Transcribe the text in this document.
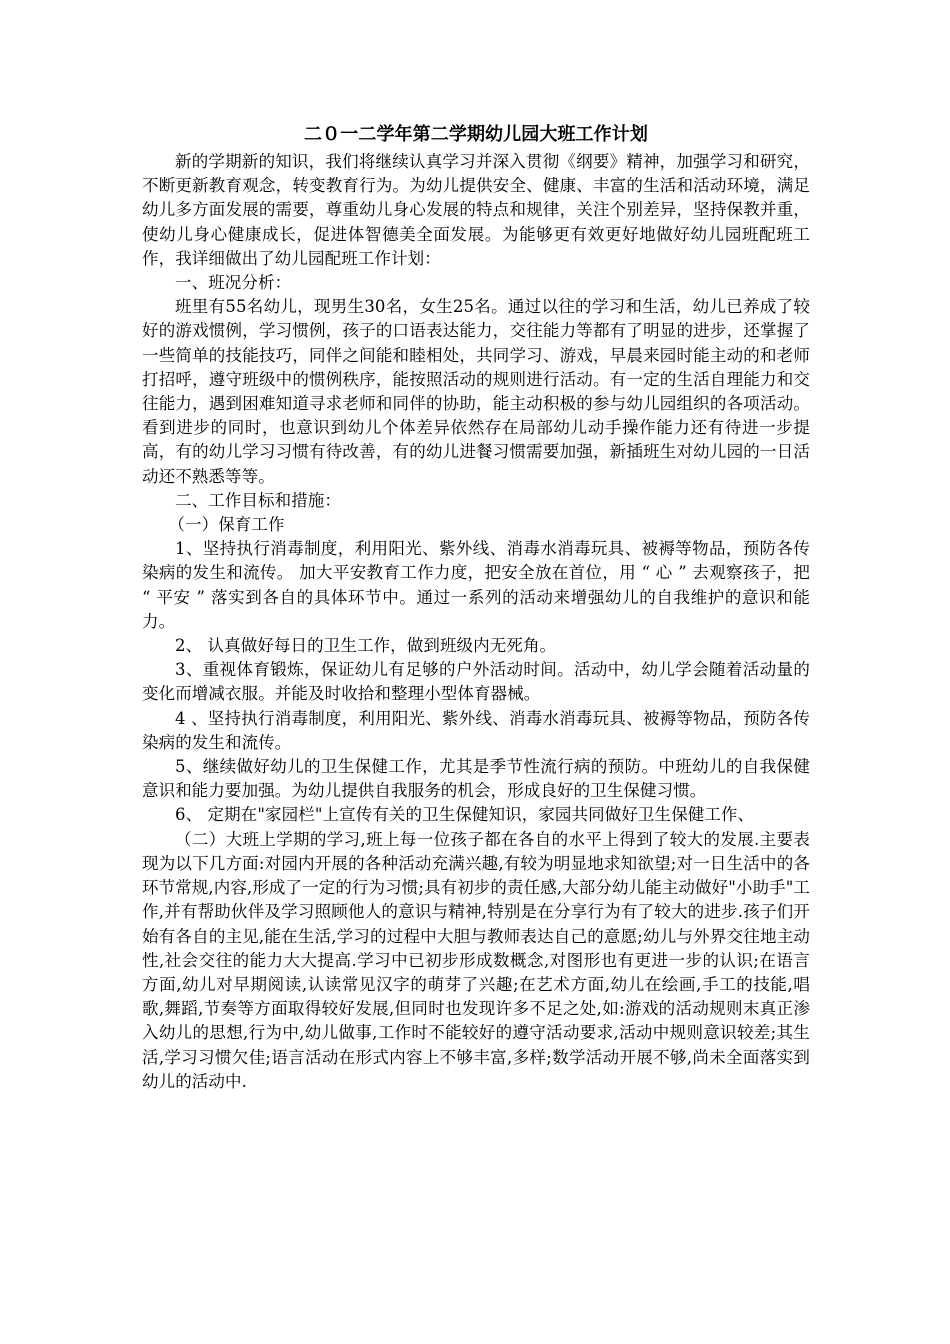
二０一二学年第二学期幼儿园大班工作计划

新的学期新的知识，我们将继续认真学习并深入贯彻《纲要》精神，加强学习和研究，不断更新教育观念，转变教育行为。为幼儿提供安全、健康、丰富的生活和活动环境，满足幼儿多方面发展的需要，尊重幼儿身心发展的特点和规律，关注个别差异，坚持保教并重，使幼儿身心健康成长，促进体智德美全面发展。为能够更有效更好地做好幼儿园班配班工作，我详细做出了幼儿园配班工作计划：

一、班况分析：

班里有55名幼儿，现男生30名，女生25名。通过以往的学习和生活，幼儿已养成了较好的游戏惯例，学习惯例，孩子的口语表达能力，交往能力等都有了明显的进步，还掌握了一些简单的技能技巧，同伴之间能和睦相处，共同学习、游戏，早晨来园时能主动的和老师打招呼，遵守班级中的惯例秩序，能按照活动的规则进行活动。有一定的生活自理能力和交往能力，遇到困难知道寻求老师和同伴的协助，能主动积极的参与幼儿园组织的各项活动。看到进步的同时，也意识到幼儿个体差异依然存在局部幼儿动手操作能力还有待进一步提高，有的幼儿学习习惯有待改善，有的幼儿进餐习惯需要加强，新插班生对幼儿园的一日活动还不熟悉等等。

二、工作目标和措施：

（一）保育工作

1、坚持执行消毒制度，利用阳光、紫外线、消毒水消毒玩具、被褥等物品，预防各传染病的发生和流传。 加大平安教育工作力度，把安全放在首位，用 “ 心 ” 去观察孩子，把 “ 平安 ” 落实到各自的具体环节中。通过一系列的活动来增强幼儿的自我维护的意识和能力。

2、 认真做好每日的卫生工作，做到班级内无死角。

3、重视体育锻炼，保证幼儿有足够的户外活动时间。活动中，幼儿学会随着活动量的变化而增减衣服。并能及时收拾和整理小型体育器械。

4 、坚持执行消毒制度，利用阳光、紫外线、消毒水消毒玩具、被褥等物品，预防各传染病的发生和流传。

5、继续做好幼儿的卫生保健工作，尤其是季节性流行病的预防。中班幼儿的自我保健意识和能力要加强。为幼儿提供自我服务的机会，形成良好的卫生保健习惯。

6、 定期在"家园栏"上宣传有关的卫生保健知识，家园共同做好卫生保健工作、

（二）大班上学期的学习,班上每一位孩子都在各自的水平上得到了较大的发展.主要表现为以下几方面:对园内开展的各种活动充满兴趣,有较为明显地求知欲望;对一日生活中的各环节常规,内容,形成了一定的行为习惯;具有初步的责任感,大部分幼儿能主动做好"小助手"工作,并有帮助伙伴及学习照顾他人的意识与精神,特别是在分享行为有了较大的进步.孩子们开始有各自的主见,能在生活,学习的过程中大胆与教师表达自己的意愿;幼儿与外界交往地主动性,社会交往的能力大大提高.学习中已初步形成数概念,对图形也有更进一步的认识;在语言方面,幼儿对早期阅读,认读常见汉字的萌芽了兴趣;在艺术方面,幼儿在绘画,手工的技能,唱歌,舞蹈,节奏等方面取得较好发展,但同时也发现许多不足之处,如:游戏的活动规则末真正渗入幼儿的思想,行为中,幼儿做事,工作时不能较好的遵守活动要求,活动中规则意识较差;其生活,学习习惯欠佳;语言活动在形式内容上不够丰富,多样;数学活动开展不够,尚未全面落实到幼儿的活动中.
